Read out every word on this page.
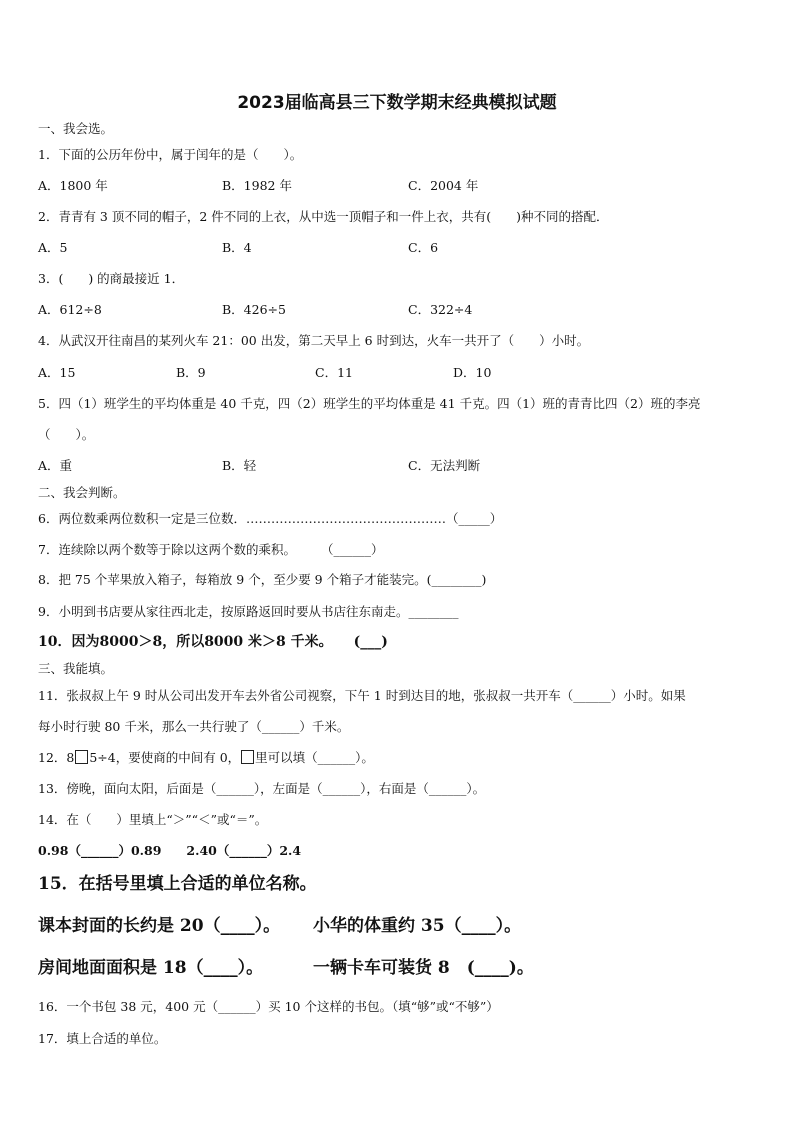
2023届临高县三下数学期末经典模拟试题
一、我会选。
1．下面的公历年份中，属于闰年的是（　　）。
A．1800 年	B．1982 年	C．2004 年
2．青青有 3 顶不同的帽子，2 件不同的上衣，从中选一顶帽子和一件上衣，共有(　　)种不同的搭配．
A．5	B．4	C．6
3．(　　) 的商最接近 1．
A．612÷8	B．426÷5	C．322÷4
4．从武汉开往南昌的某列火车 21：00 出发，第二天早上 6 时到达，火车一共开了（　　）小时。
A．15	B．9	C．11	D．10
5．四（1）班学生的平均体重是 40 千克，四（2）班学生的平均体重是 41 千克。四（1）班的青青比四（2）班的李亮
（　　）。
A．重	B．轻	C．无法判断
二、我会判断。
6．两位数乘两位数积一定是三位数．…………………………………………（_____）
7．连续除以两个数等于除以这两个数的乘积。　　　（______）
8．把 75 个苹果放入箱子，每箱放 9 个，至少要 9 个箱子才能装完。(________)
9．小明到书店要从家往西北走，按原路返回时要从书店往东南走。________
10．因为8000＞8，所以8000 米＞8 千米。　　(___)
三、我能填。
11．张叔叔上午 9 时从公司出发开车去外省公司视察，下午 1 时到达目的地，张叔叔一共开车（______）小时。如果
每小时行驶 80 千米，那么一共行驶了（______）千米。
12．8 5÷4，要使商的中间有 0， 里可以填（______）。
13．傍晚，面向太阳，后面是（______），左面是（______），右面是（______）。
14．在（　　）里填上“＞”“＜”或“＝”。
0.98（______）0.89　　2.40（______）2.4
15．在括号里填上合适的单位名称。
课本封面的长约是 20（____）。 小华的体重约 35（____）。
房间地面面积是 18（____）。	一辆卡车可装货 8　(____)。
16．一个书包 38 元，400 元（______）买 10 个这样的书包。（填“够”或“不够”）
17．填上合适的单位。
